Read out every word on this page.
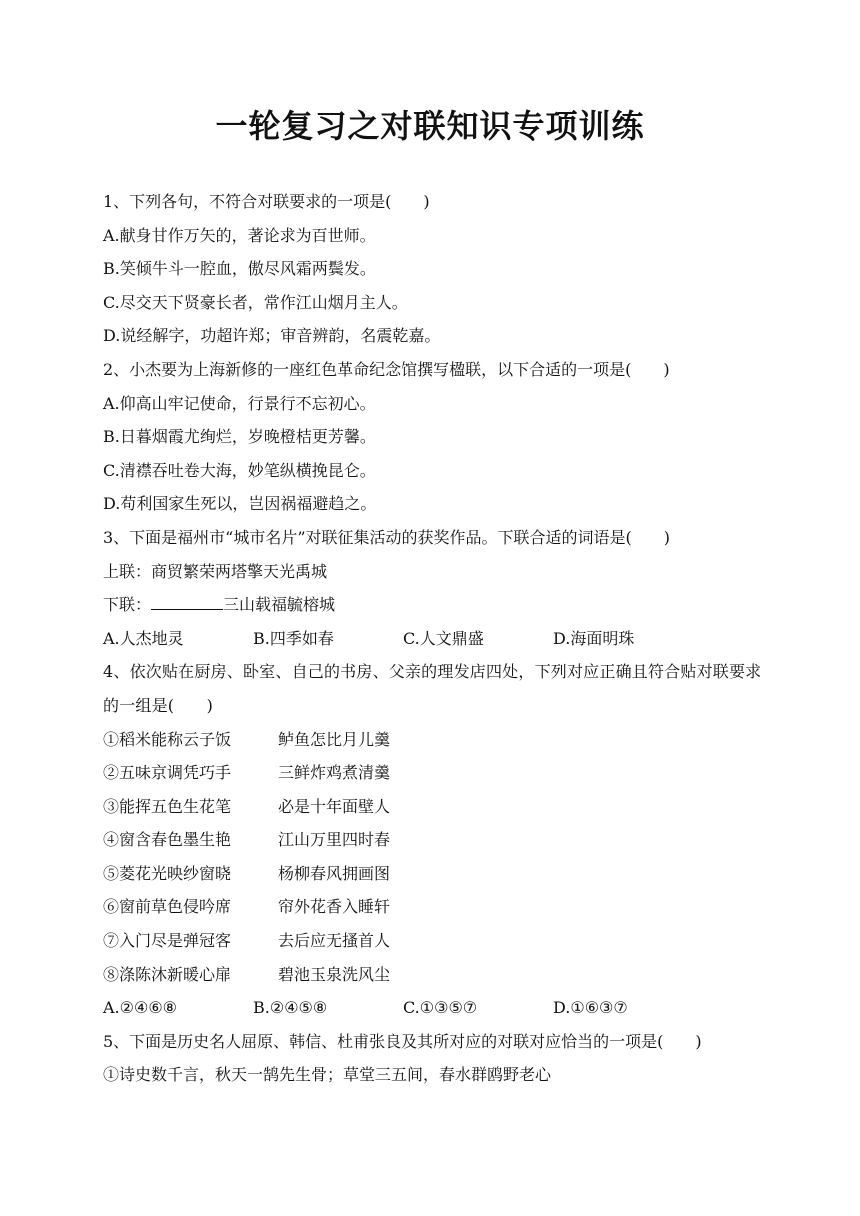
一轮复习之对联知识专项训练
1、下列各句，不符合对联要求的一项是(　　)
A.献身甘作万矢的，著论求为百世师。
B.笑倾牛斗一腔血，傲尽风霜两鬓发。
C.尽交天下贤豪长者，常作江山烟月主人。
D.说经解字，功超许郑；审音辨韵，名震乾嘉。
2、小杰要为上海新修的一座红色革命纪念馆撰写楹联，以下合适的一项是(　　)
A.仰高山牢记使命，行景行不忘初心。
B.日暮烟霞尤绚烂，岁晚橙桔更芳馨。
C.清襟吞吐卷大海，妙笔纵横挽昆仑。
D.苟利国家生死以，岂因祸福避趋之。
3、下面是福州市“城市名片”对联征集活动的获奖作品。下联合适的词语是(　　)
上联：商贸繁荣两塔擎天光禹城
下联：	三山载福毓榕城
A.人杰地灵	B.四季如春	C.人文鼎盛	D.海面明珠
4、依次贴在厨房、卧室、自己的书房、父亲的理发店四处，下列对应正确且符合贴对联要求的一组是(　　)
①稻米能称云子饭	鲈鱼怎比月儿羹
②五味京调凭巧手	三鲜炸鸡煮清羹
③能挥五色生花笔	必是十年面壁人
④窗含春色墨生艳	江山万里四时春
⑤菱花光映纱窗晓	杨柳春风拥画图
⑥窗前草色侵吟席	帘外花香入睡轩
⑦入门尽是弹冠客	去后应无搔首人
⑧涤陈沐新暖心扉	碧池玉泉洗风尘
A.②④⑥⑧	B.②④⑤⑧	C.①③⑤⑦	D.①⑥③⑦
5、下面是历史名人屈原、韩信、杜甫张良及其所对应的对联对应恰当的一项是(　　)
①诗史数千言，秋天一鹄先生骨；草堂三五间，春水群鸥野老心
